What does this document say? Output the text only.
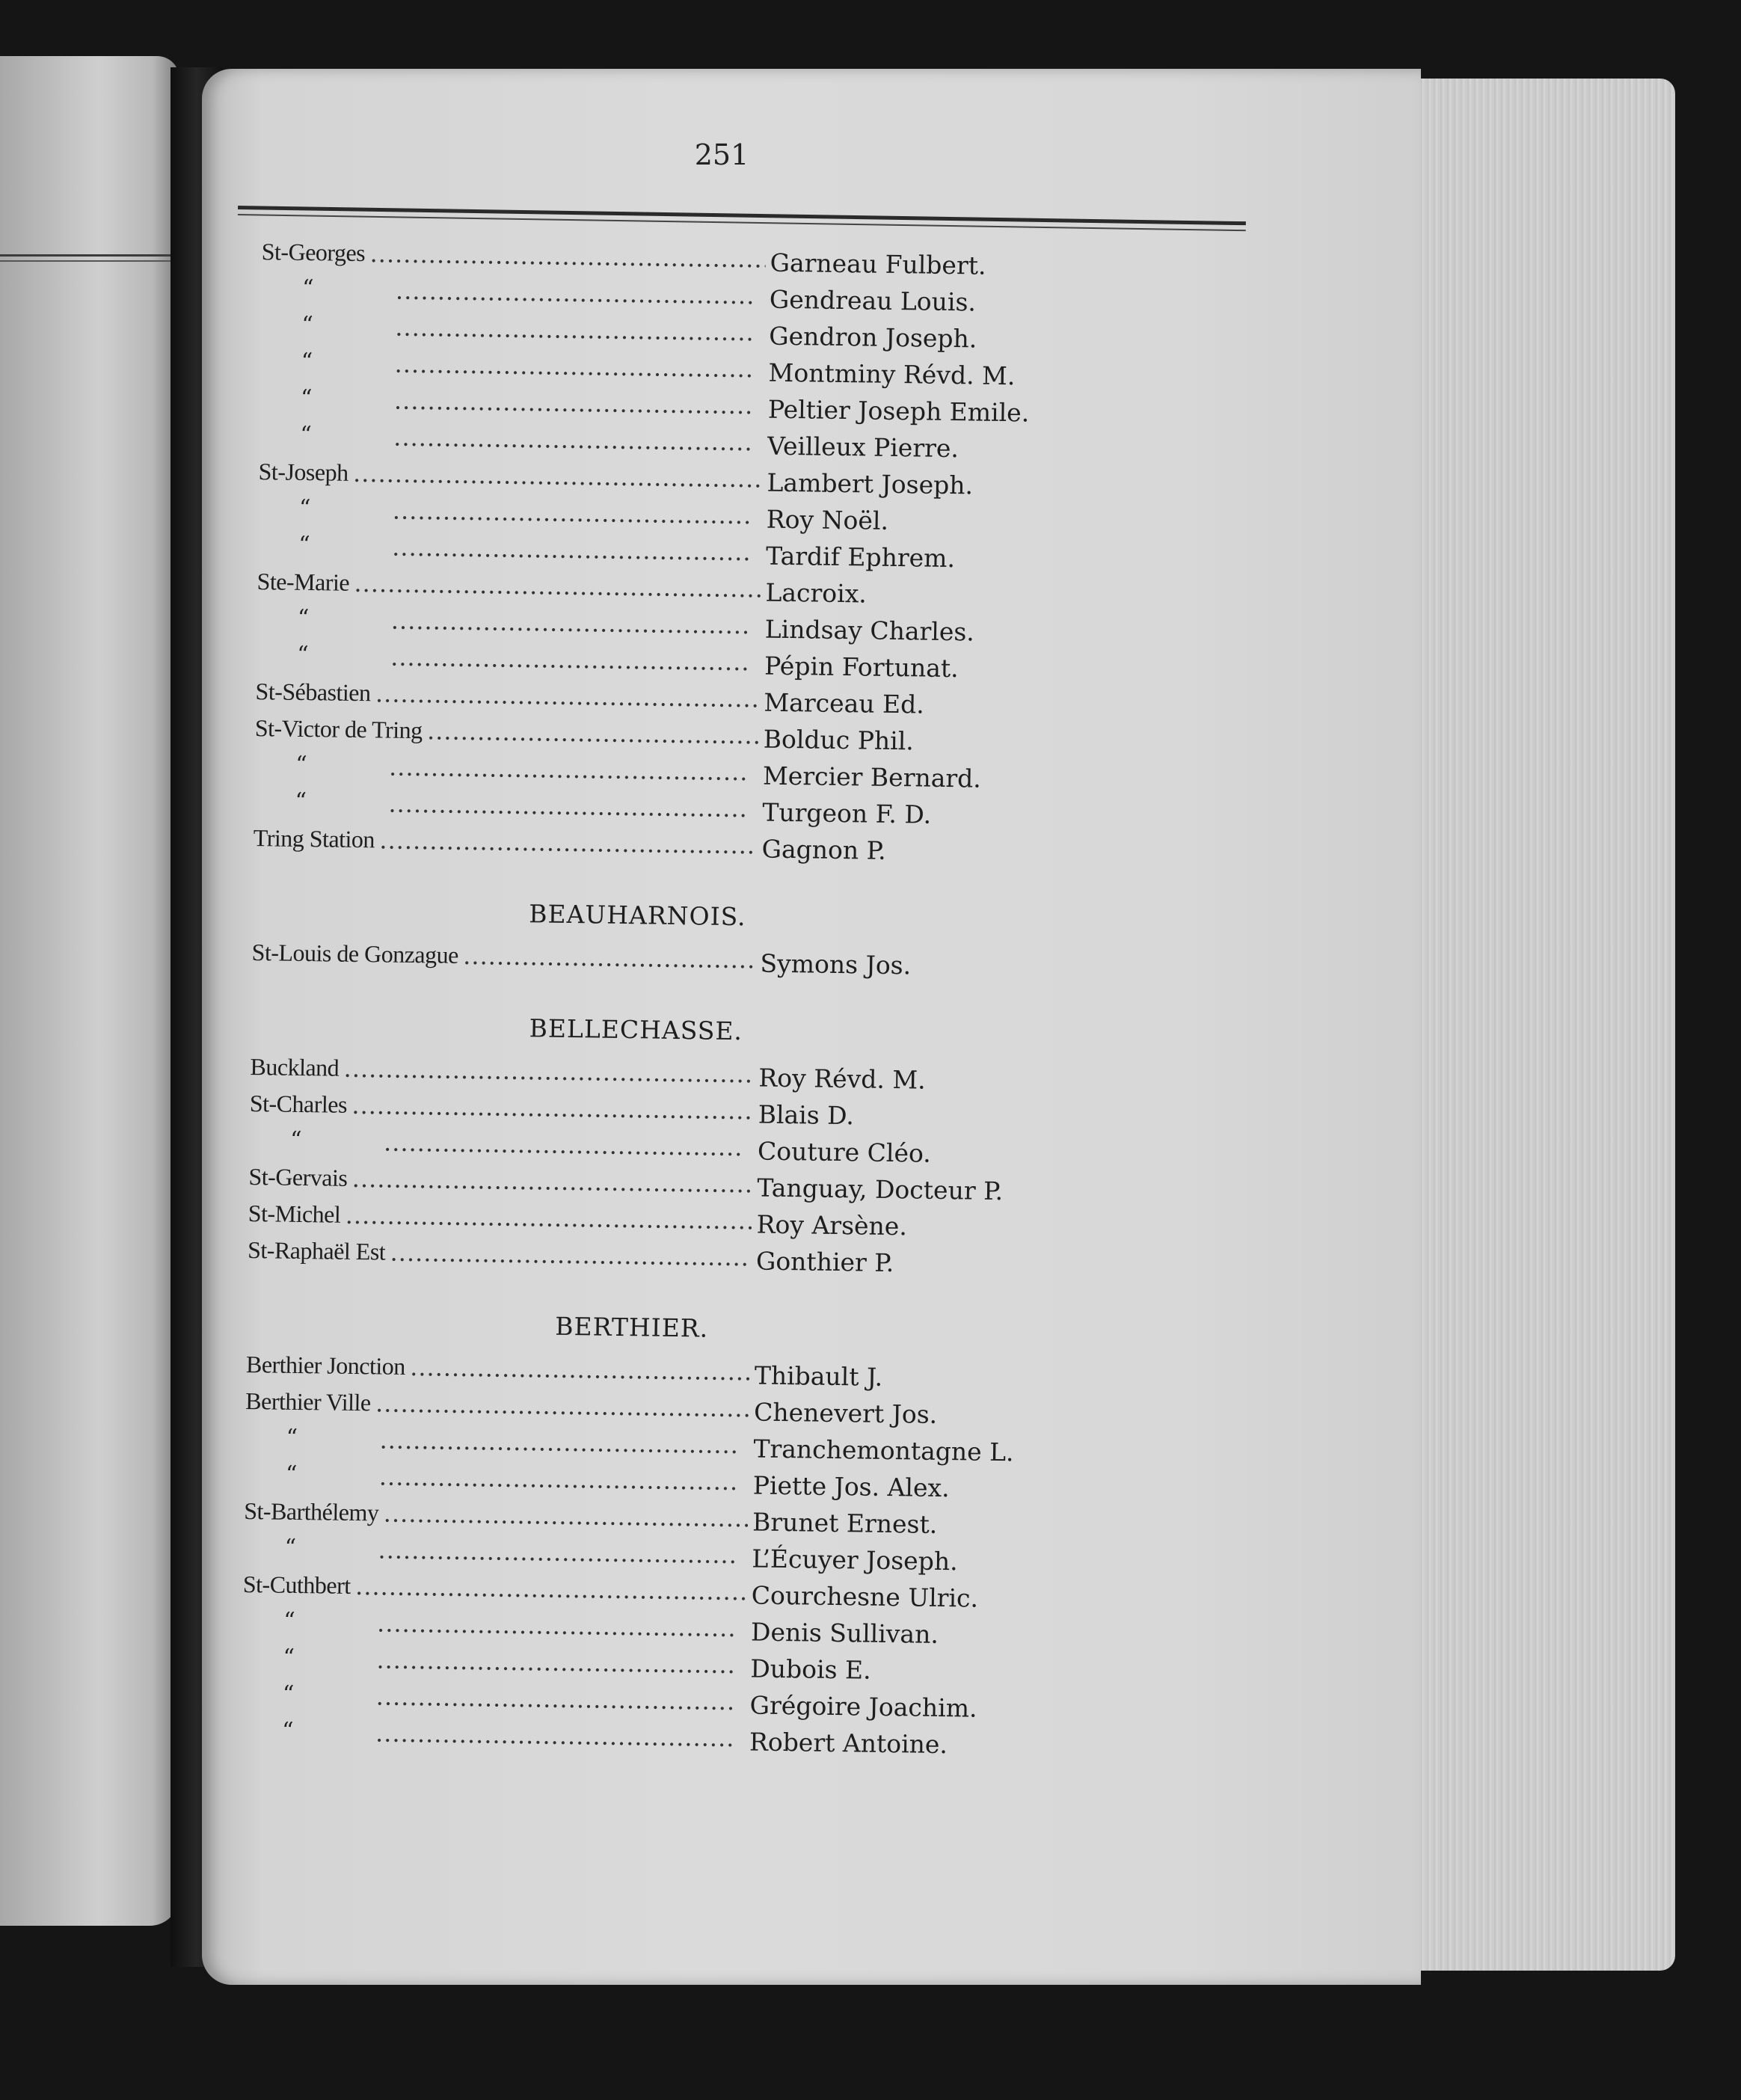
251
St-Georges .....	Garneau Fulbert.
“ .....	Gendreau Louis.
“ .....	Gendron Joseph.
“ .....	Montminy Révd. M.
“ .....	Peltier Joseph Emile.
“ .....	Veilleux Pierre.
St-Joseph .....	Lambert Joseph.
“ .....	Roy Noël.
“ .....	Tardif Ephrem.
Ste-Marie .....	Lacroix.
“ .....	Lindsay Charles.
“ .....	Pépin Fortunat.
St-Sébastien .....	Marceau Ed.
St-Victor de Tring .....	Bolduc Phil.
“ .....	Mercier Bernard.
“ .....	Turgeon F. D.
Tring Station .....	Gagnon P.
BEAUHARNOIS.
St-Louis de Gonzague .....	Symons Jos.
BELLECHASSE.
Buckland .....	Roy Révd. M.
St-Charles .....	Blais D.
“ .....	Couture Cléo.
St-Gervais .....	Tanguay, Docteur P.
St-Michel .....	Roy Arsène.
St-Raphaël Est .....	Gonthier P.
BERTHIER.
Berthier Jonction .....	Thibault J.
Berthier Ville .....	Chenevert Jos.
“ .....	Tranchemontagne L.
“ .....	Piette Jos. Alex.
St-Barthélemy .....	Brunet Ernest.
“ .....	L’Écuyer Joseph.
St-Cuthbert .....	Courchesne Ulric.
“ .....	Denis Sullivan.
“ .....	Dubois E.
“ .....	Grégoire Joachim.
“ .....	Robert Antoine.
